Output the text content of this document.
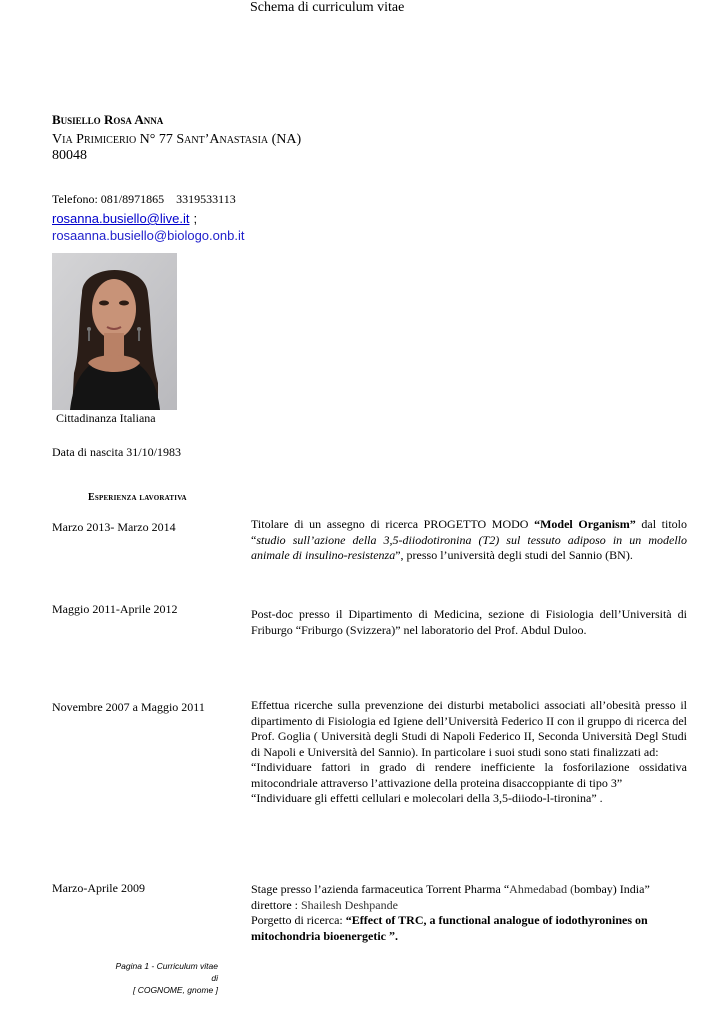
Schema di curriculum vitae
Busiello Rosa Anna
Via Primicerio N° 77 Sant’Anastasia (NA)
80048
Telefono: 081/8971865 3319533113
rosanna.busiello@live.it ;
rosaanna.busiello@biologo.onb.it
Cittadinanza Italiana
Data di nascita 31/10/1983
Esperienza lavorativa
Marzo 2013- Marzo 2014	Titolare di un assegno di ricerca PROGETTO MODO “Model Organism” dal titolo “studio sull’azione della 3,5-diiodotironina (T2) sul tessuto adiposo in un modello animale di insulino-resistenza”, presso l’università degli studi del Sannio (BN).

Maggio 2011-Aprile 2012	Post-doc presso il Dipartimento di Medicina, sezione di Fisiologia dell’Università di Friburgo “Friburgo (Svizzera)” nel laboratorio del Prof. Abdul Duloo.

Novembre 2007 a Maggio 2011	Effettua ricerche sulla prevenzione dei disturbi metabolici associati all’obesità presso il dipartimento di Fisiologia ed Igiene dell’Università Federico II con il gruppo di ricerca del Prof. Goglia ( Università degli Studi di Napoli Federico II, Seconda Università Degl Studi di Napoli e Università del Sannio). In particolare i suoi studi sono stati finalizzati ad:

“Individuare fattori in grado di rendere inefficiente la fosforilazione ossidativa mitocondriale attraverso l’attivazione della proteina disaccoppiante di tipo 3”

“Individuare gli effetti cellulari e molecolari della 3,5-diiodo-l-tironina” .

Marzo-Aprile 2009	Stage presso l’azienda farmaceutica Torrent Pharma “Ahmedabad (bombay) India”

direttore : Shailesh Deshpande

Porgetto di ricerca: “Effect of TRC, a functional analogue of iodothyronines on mitochondria bioenergetic ˮ.

Pagina 1 - Curriculum vitae di
[ COGNOME, gnome ]
